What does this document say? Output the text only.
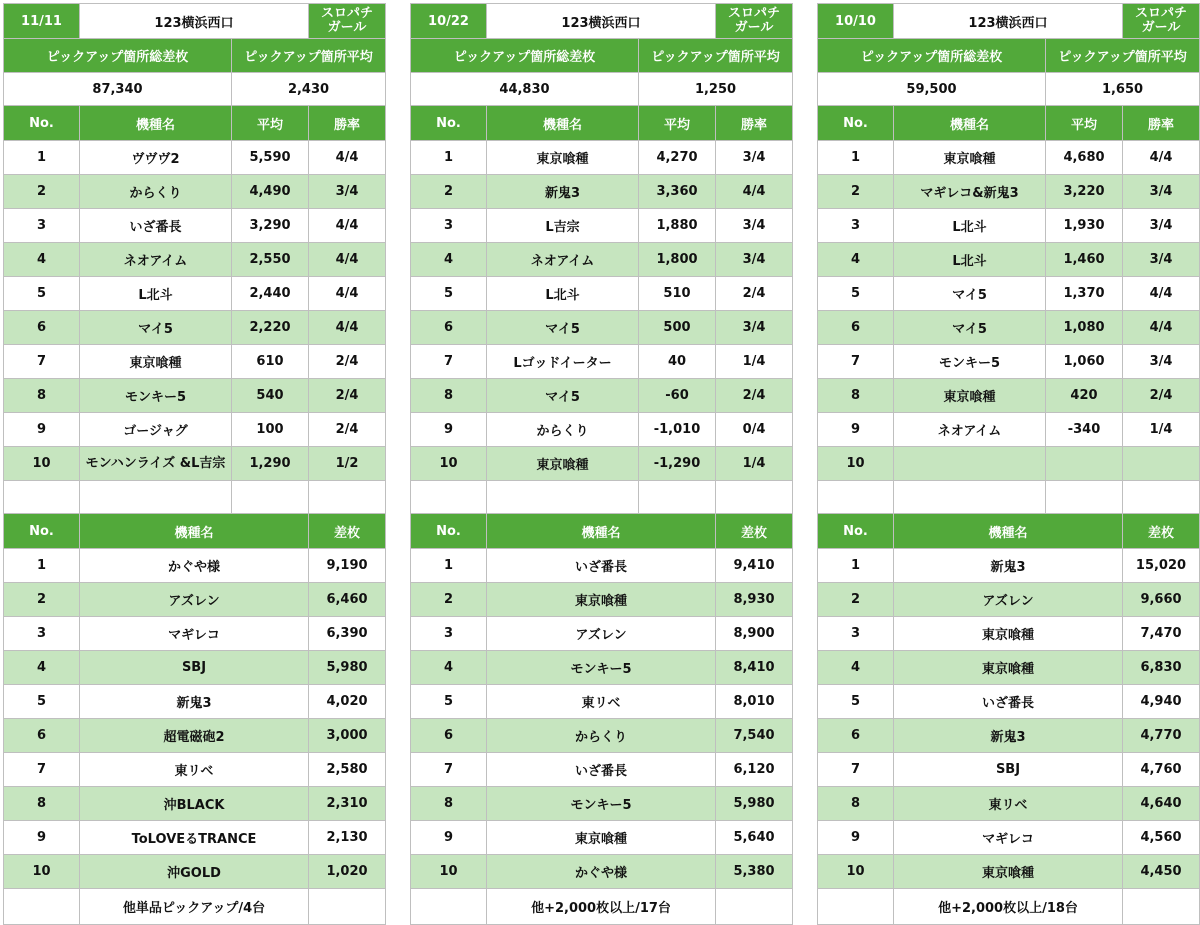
11/11	123横浜西口		スロパチガール
ピックアップ箇所総差枚		ピックアップ箇所平均	
87,340		2,430	
No.	機種名	平均	勝率
1	ヴヴヴ2	5,590	4/4
2	からくり	4,490	3/4
3	いざ番長	3,290	4/4
4	ネオアイム	2,550	4/4
5	L北斗	2,440	4/4
6	マイ5	2,220	4/4
7	東京喰種	610	2/4
8	モンキー5	540	2/4
9	ゴージャグ	100	2/4
10	モンハンライズ &L吉宗	1,290	1/2

No.	機種名		差枚
1	かぐや様		9,190
2	アズレン		6,460
3	マギレコ		6,390
4	SBJ		5,980
5	新鬼3		4,020
6	超電磁砲2		3,000
7	東リベ		2,580
8	沖BLACK		2,310
9	ToLOVEるTRANCE		2,130
10	沖GOLD		1,020
	他単品ピックアップ/4台		
10/22	123横浜西口		スロパチガール
ピックアップ箇所総差枚		ピックアップ箇所平均	
44,830		1,250	
No.	機種名	平均	勝率
1	東京喰種	4,270	3/4
2	新鬼3	3,360	4/4
3	L吉宗	1,880	3/4
4	ネオアイム	1,800	3/4
5	L北斗	510	2/4
6	マイ5	500	3/4
7	Lゴッドイーター	40	1/4
8	マイ5	-60	2/4
9	からくり	-1,010	0/4
10	東京喰種	-1,290	1/4

No.	機種名		差枚
1	いざ番長		9,410
2	東京喰種		8,930
3	アズレン		8,900
4	モンキー5		8,410
5	東リベ		8,010
6	からくり		7,540
7	いざ番長		6,120
8	モンキー5		5,980
9	東京喰種		5,640
10	かぐや様		5,380
	他+2,000枚以上/17台		
10/10	123横浜西口		スロパチガール
ピックアップ箇所総差枚		ピックアップ箇所平均	
59,500		1,650	
No.	機種名	平均	勝率
1	東京喰種	4,680	4/4
2	マギレコ&新鬼3	3,220	3/4
3	L北斗	1,930	3/4
4	L北斗	1,460	3/4
5	マイ5	1,370	4/4
6	マイ5	1,080	4/4
7	モンキー5	1,060	3/4
8	東京喰種	420	2/4
9	ネオアイム	-340	1/4
10			

No.	機種名		差枚
1	新鬼3		15,020
2	アズレン		9,660
3	東京喰種		7,470
4	東京喰種		6,830
5	いざ番長		4,940
6	新鬼3		4,770
7	SBJ		4,760
8	東リベ		4,640
9	マギレコ		4,560
10	東京喰種		4,450
	他+2,000枚以上/18台		
